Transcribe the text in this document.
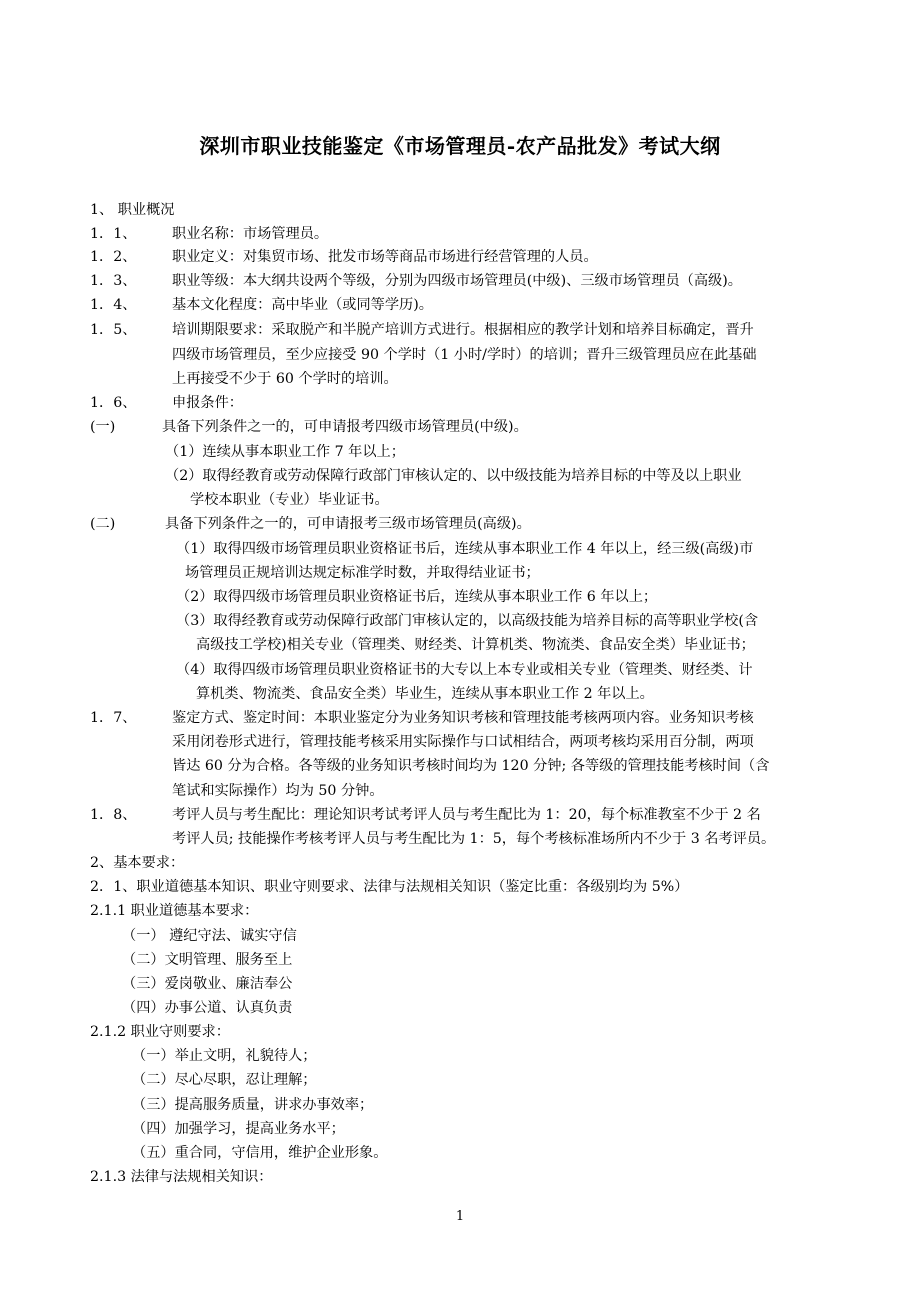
深圳市职业技能鉴定《市场管理员-农产品批发》考试大纲
1、 职业概况
1．1、	职业名称：市场管理员。
1．2、	职业定义：对集贸市场、批发市场等商品市场进行经营管理的人员。
1．3、	职业等级：本大纲共设两个等级，分别为四级市场管理员(中级)、三级市场管理员（高级)。
1．4、	基本文化程度：高中毕业（或同等学历)。
1．5、	培训期限要求：采取脱产和半脱产培训方式进行。根据相应的教学计划和培养目标确定，晋升
四级市场管理员，至少应接受 90 个学时（1 小时/学时）的培训；晋升三级管理员应在此基础
上再接受不少于 60 个学时的培训。
1．6、	申报条件：
(一)	具备下列条件之一的，可申请报考四级市场管理员(中级)。
（1）连续从事本职业工作 7 年以上；
（2）取得经教育或劳动保障行政部门审核认定的、以中级技能为培养目标的中等及以上职业
学校本职业（专业）毕业证书。
(二)	具备下列条件之一的，可申请报考三级市场管理员(高级)。
（1）取得四级市场管理员职业资格证书后，连续从事本职业工作 4 年以上，经三级(高级)市
场管理员正规培训达规定标准学时数，并取得结业证书；
（2）取得四级市场管理员职业资格证书后，连续从事本职业工作 6 年以上；
（3）取得经教育或劳动保障行政部门审核认定的，以高级技能为培养目标的高等职业学校(含
高级技工学校)相关专业（管理类、财经类、计算机类、物流类、食品安全类）毕业证书；
（4）取得四级市场管理员职业资格证书的大专以上本专业或相关专业（管理类、财经类、计
算机类、物流类、食品安全类）毕业生，连续从事本职业工作 2 年以上。
1．7、	鉴定方式、鉴定时间：本职业鉴定分为业务知识考核和管理技能考核两项内容。业务知识考核
采用闭卷形式进行，管理技能考核采用实际操作与口试相结合，两项考核均采用百分制，两项
皆达 60 分为合格。各等级的业务知识考核时间均为 120 分钟; 各等级的管理技能考核时间（含
笔试和实际操作）均为 50 分钟。
1．8、	考评人员与考生配比：理论知识考试考评人员与考生配比为 1：20，每个标准教室不少于 2 名
考评人员; 技能操作考核考评人员与考生配比为 1：5，每个考核标准场所内不少于 3 名考评员。
2、基本要求：
2．1、职业道德基本知识、职业守则要求、法律与法规相关知识（鉴定比重：各级别均为 5%）
2.1.1 职业道德基本要求：
（一） 遵纪守法、诚实守信
（二）文明管理、服务至上
（三）爱岗敬业、廉洁奉公
（四）办事公道、认真负责
2.1.2 职业守则要求：
（一）举止文明，礼貌待人；
（二）尽心尽职，忍让理解；
（三）提高服务质量，讲求办事效率；
（四）加强学习，提高业务水平；
（五）重合同，守信用，维护企业形象。
2.1.3 法律与法规相关知识：
1
